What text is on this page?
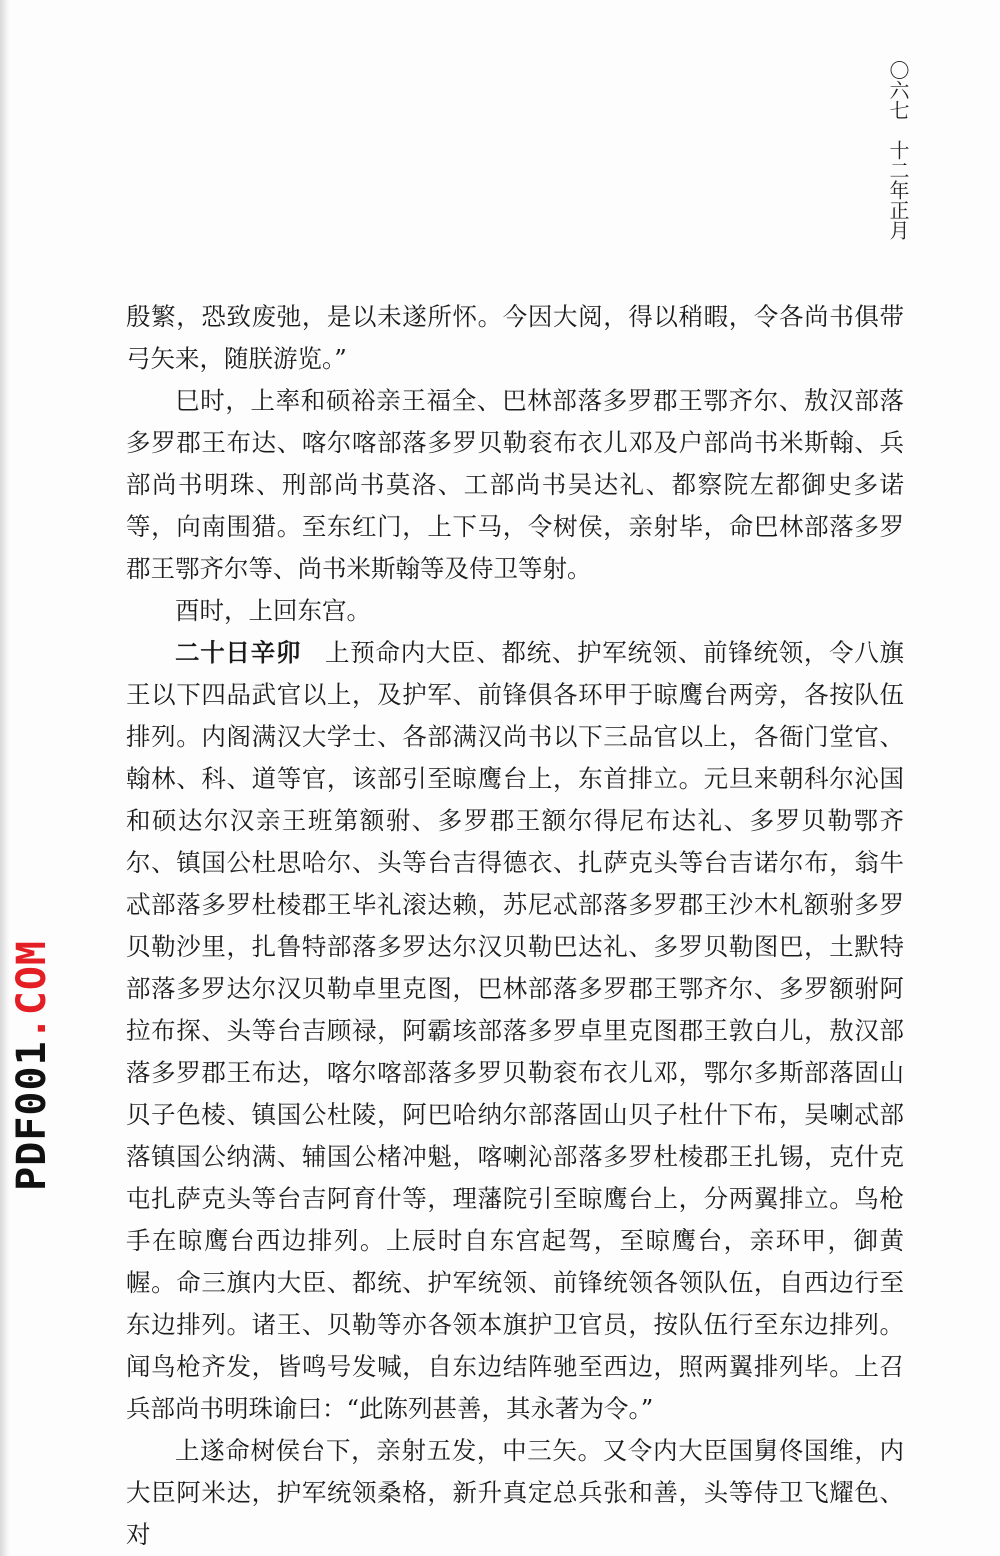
〇六七十二年正月

殷繁，恐致废弛，是以未遂所怀。今因大阅，得以稍暇，令各尚书俱带弓矢来，随朕游览。”

巳时，上率和硕裕亲王福全、巴林部落多罗郡王鄂齐尔、敖汉部落多罗郡王布达、喀尔喀部落多罗贝勒衮布衣儿邓及户部尚书米斯翰、兵部尚书明珠、刑部尚书莫洛、工部尚书吴达礼、都察院左都御史多诺等，向南围猎。至东红门，上下马，令树侯，亲射毕，命巴林部落多罗郡王鄂齐尔等、尚书米斯翰等及侍卫等射。

酉时，上回东宫。

二十日辛卯 上预命内大臣、都统、护军统领、前锋统领，令八旗王以下四品武官以上，及护军、前锋俱各环甲于晾鹰台两旁，各按队伍排列。内阁满汉大学士、各部满汉尚书以下三品官以上，各衙门堂官、翰林、科、道等官，该部引至晾鹰台上，东首排立。元旦来朝科尔沁国和硕达尔汉亲王班第额驸、多罗郡王额尔得尼布达礼、多罗贝勒鄂齐尔、镇国公杜思哈尔、头等台吉得德衣、扎萨克头等台吉诺尔布，翁牛忒部落多罗杜棱郡王毕礼滚达赖，苏尼忒部落多罗郡王沙木札额驸多罗贝勒沙里，扎鲁特部落多罗达尔汉贝勒巴达礼、多罗贝勒图巴，土默特部落多罗达尔汉贝勒卓里克图，巴林部落多罗郡王鄂齐尔、多罗额驸阿拉布探、头等台吉顾禄，阿霸垓部落多罗卓里克图郡王敦白儿，敖汉部落多罗郡王布达，喀尔喀部落多罗贝勒衮布衣儿邓，鄂尔多斯部落固山贝子色棱、镇国公杜陵，阿巴哈纳尔部落固山贝子杜什下布，吴喇忒部落镇国公纳满、辅国公楮冲魁，喀喇沁部落多罗杜棱郡王扎锡，克什克屯扎萨克头等台吉阿育什等，理藩院引至晾鹰台上，分两翼排立。鸟枪手在晾鹰台西边排列。上辰时自东宫起驾，至晾鹰台，亲环甲，御黄幄。命三旗内大臣、都统、护军统领、前锋统领各领队伍，自西边行至东边排列。诸王、贝勒等亦各领本旗护卫官员，按队伍行至东边排列。闻鸟枪齐发，皆鸣号发喊，自东边结阵驰至西边，照两翼排列毕。上召兵部尚书明珠谕曰：“此陈列甚善，其永著为令。”

上遂命树侯台下，亲射五发，中三矢。又令内大臣国舅佟国维，内大臣阿米达，护军统领桑格，新升真定总兵张和善，头等侍卫飞耀色、对

PDF001.COM
